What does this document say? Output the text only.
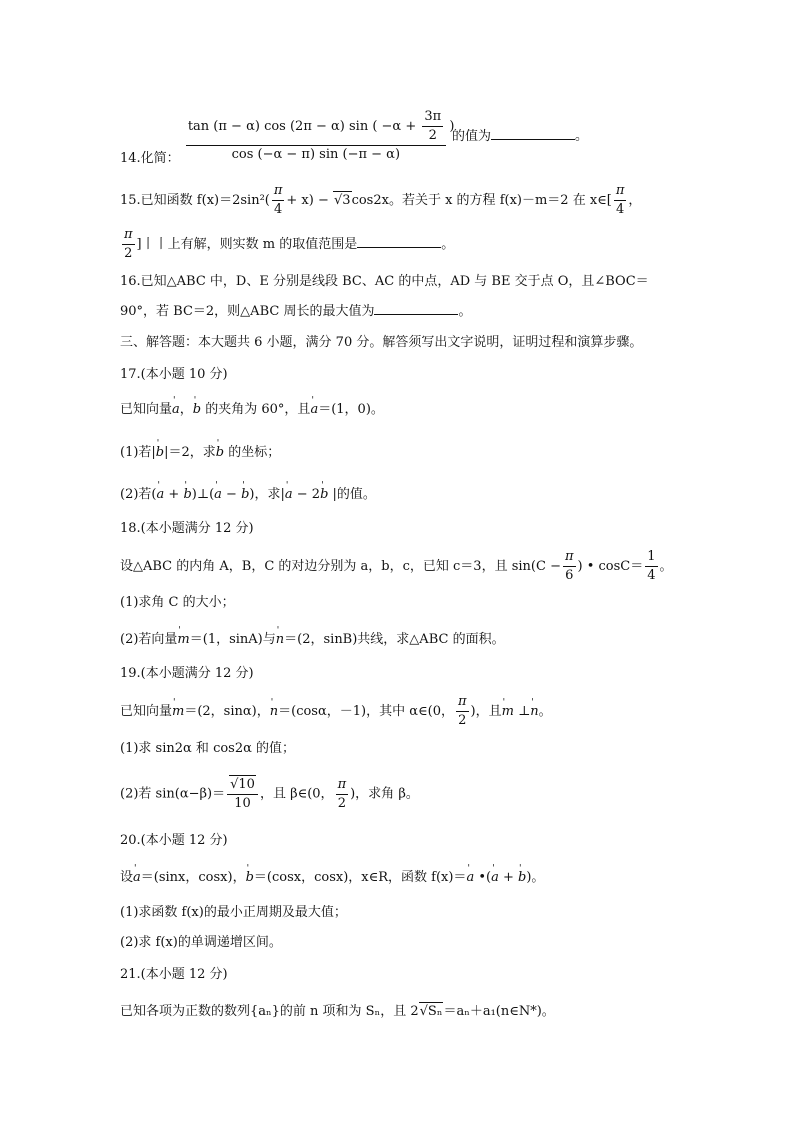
14.化简： $\frac{\tan (\pi - \alpha) \cos (2\pi - \alpha) \sin ( -\alpha + \frac{3\pi}{2} )}{\cos (-\alpha - \pi) \sin (-\pi - \alpha)}$ 的值为	。
15.已知函数 $f(x)=2\sin^2( \frac{\pi}{4} + x) - √3\cos 2x$。若关于 x 的方程 f(x)－m＝2 在 x∈[ $\frac{\pi}{4}$ ，
$\frac{\pi}{2}$ ]丨丨上有解，则实数 m 的取值范围是	。
16.已知△ABC 中，D、E 分别是线段 BC、AC 的中点，AD 与 BE 交于点 O，且∠BOC＝
90°，若 BC＝2，则△ABC 周长的最大值为	。
三、解答题：本大题共 6 小题，满分 70 分。解答须写出文字说明，证明过程和演算步骤。
17.(本小题 10 分)
已知向量' a，' b 的夹角为 60°，且' a＝(1，0)。
(1)若|' b|＝2，求' b 的坐标；
(2)若(' a + ' b)⊥(' a − ' b)，求|' a − 2' b |的值。
18.(本小题满分 12 分)
设△ABC 的内角 A，B，C 的对边分别为 a，b，c，已知 c＝3，且 $\sin(C - \frac{\pi}{6}$ ) • $\cos C= \frac{1}{4}$ 。
(1)求角 C 的大小；
(2)若向量' m＝(1，sinA)与' n＝(2，sinB)共线，求△ABC 的面积。
19.(本小题满分 12 分)
已知向量' m＝(2，sinα)，' n＝(cosα，－1)，其中 α∈(0， $\frac{\pi}{2}$ )，且' m ⊥' n。
(1)求 sin2α 和 cos2α 的值；
(2)若 $\sin(\alpha-\beta)= \frac{√10}{10}$ ，且 β∈(0， $\frac{\pi}{2}$ )，求角 β。
20.(本小题 12 分)
设' a＝(sinx，cosx)，' b＝(cosx，cosx)，x∈R，函数 f(x)＝' a •(' a + ' b)。
(1)求函数 f(x)的最小正周期及最大值；
(2)求 f(x)的单调递增区间。
21.(本小题 12 分)
已知各项为正数的数列{aₙ}的前 n 项和为 Sₙ，且 2√Sₙ＝aₙ＋a₁(n∈N*)。
